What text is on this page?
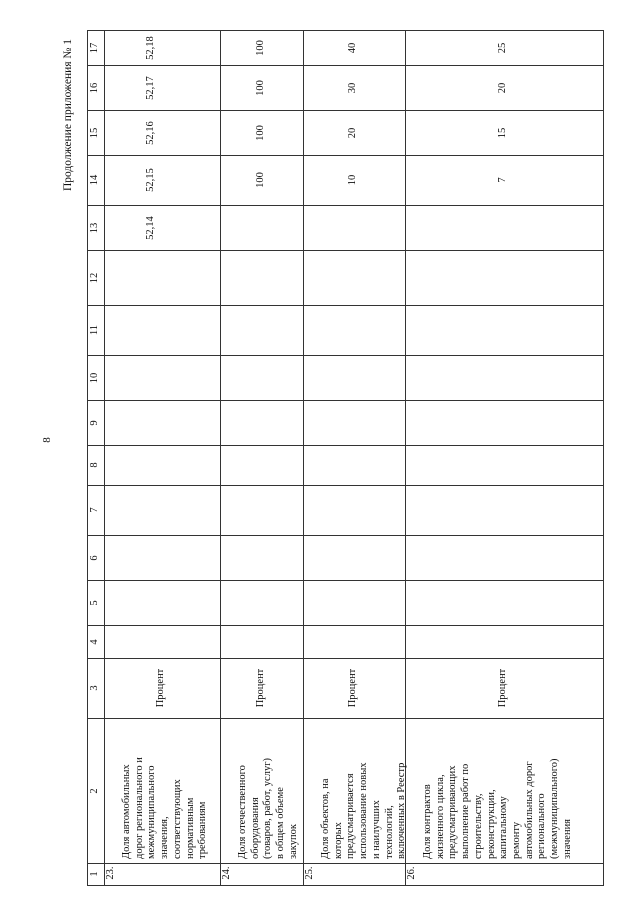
8
Продолжение приложения № 1
1
2
3
4
5
6
7
8
9
10
11
12
13
14
15
16
17
23.
Доля автомобильных
дорог регионального и
межмуниципального
значения,
соответствующих
нормативным
требованиям
Процент
52,14
52,15
52,16
52,17
52,18
24.
Доля отечественного
оборудования
(товаров, работ, услуг)
в общем объеме
закупок
Процент
100
100
100
100
25.
Доля объектов, на
которых
предусматривается
использование новых
и наилучших
технологий,
включенных в Реестр
Процент
10
20
30
40
26.
Доля контрактов
жизненного цикла,
предусматривающих
выполнение работ по
строительству,
реконструкции,
капитальному
ремонту
автомобильных дорог
регионального
(межмуниципального)
значения
Процент
7
15
20
25
